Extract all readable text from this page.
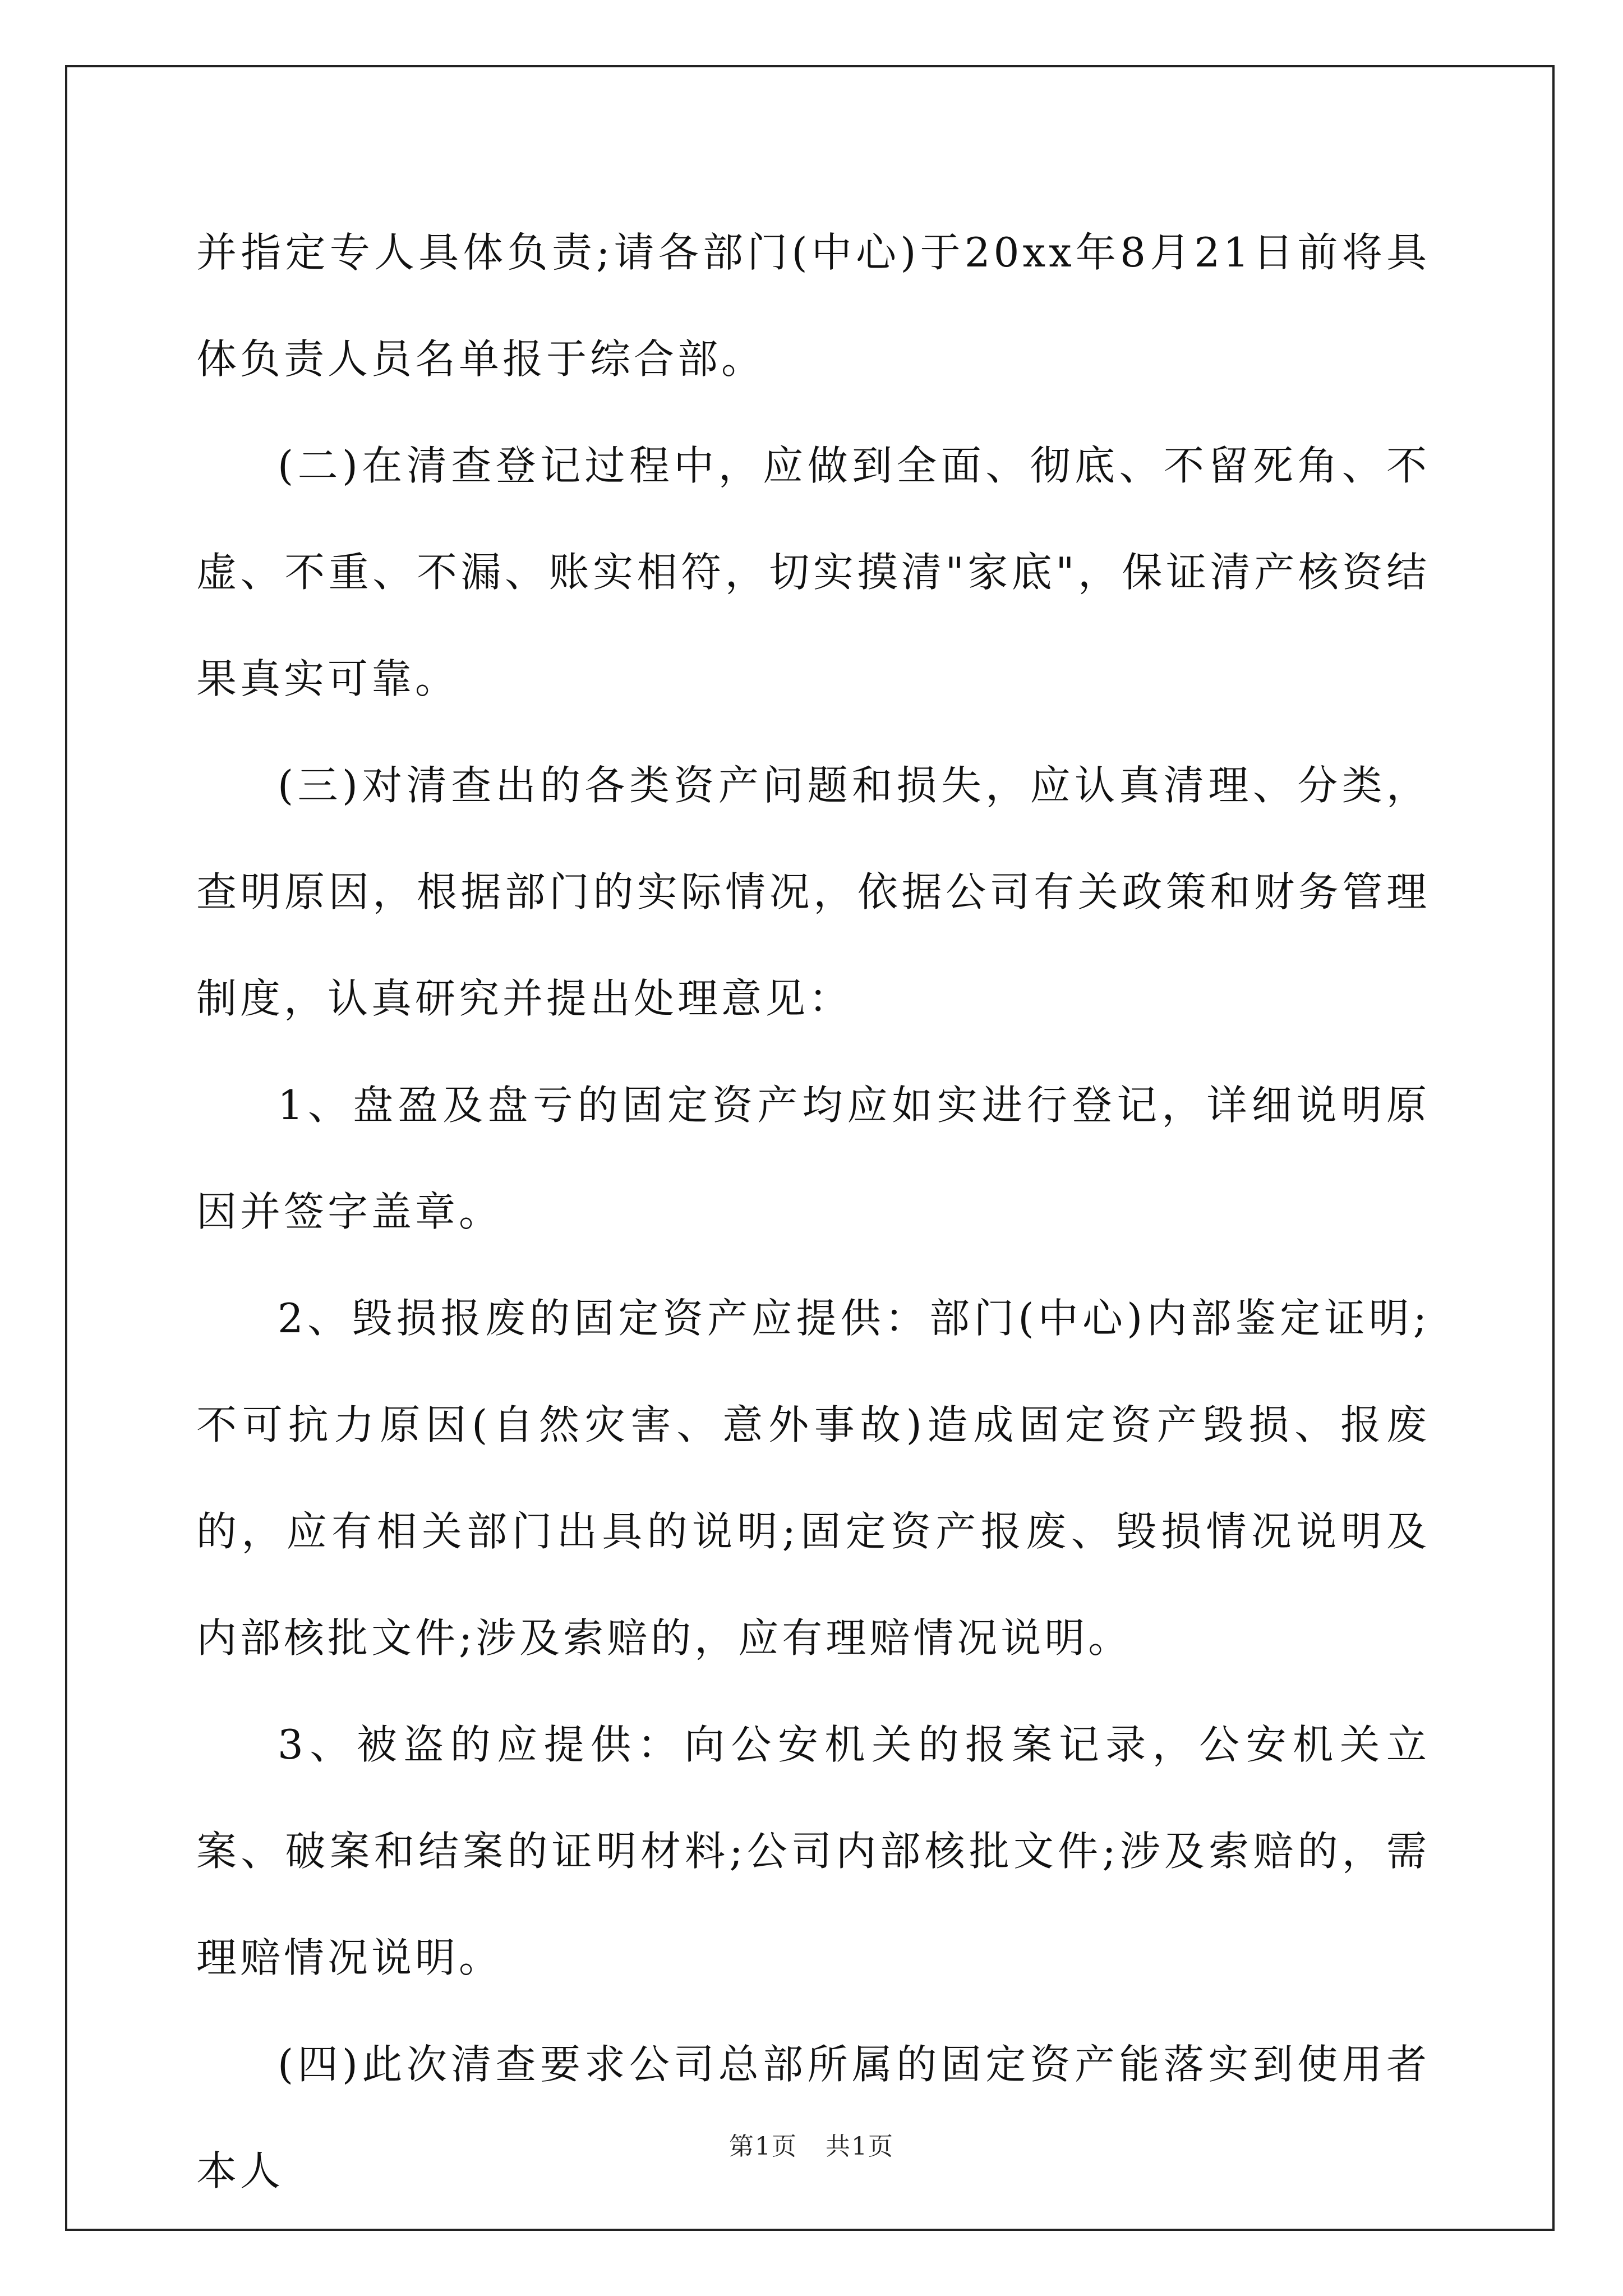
并指定专人具体负责;请各部门(中心)于20xx年8月21日前将具体负责人员名单报于综合部。

(二)在清查登记过程中，应做到全面、彻底、不留死角、不虚、不重、不漏、账实相符，切实摸清"家底"，保证清产核资结果真实可靠。

(三)对清查出的各类资产问题和损失，应认真清理、分类，查明原因，根据部门的实际情况，依据公司有关政策和财务管理制度，认真研究并提出处理意见：

1、盘盈及盘亏的固定资产均应如实进行登记，详细说明原因并签字盖章。

2、毁损报废的固定资产应提供：部门(中心)内部鉴定证明;不可抗力原因(自然灾害、意外事故)造成固定资产毁损、报废的，应有相关部门出具的说明;固定资产报废、毁损情况说明及内部核批文件;涉及索赔的，应有理赔情况说明。

3、被盗的应提供：向公安机关的报案记录，公安机关立案、破案和结案的证明材料;公司内部核批文件;涉及索赔的，需理赔情况说明。

(四)此次清查要求公司总部所属的固定资产能落实到使用者本人

第1页 共1页
